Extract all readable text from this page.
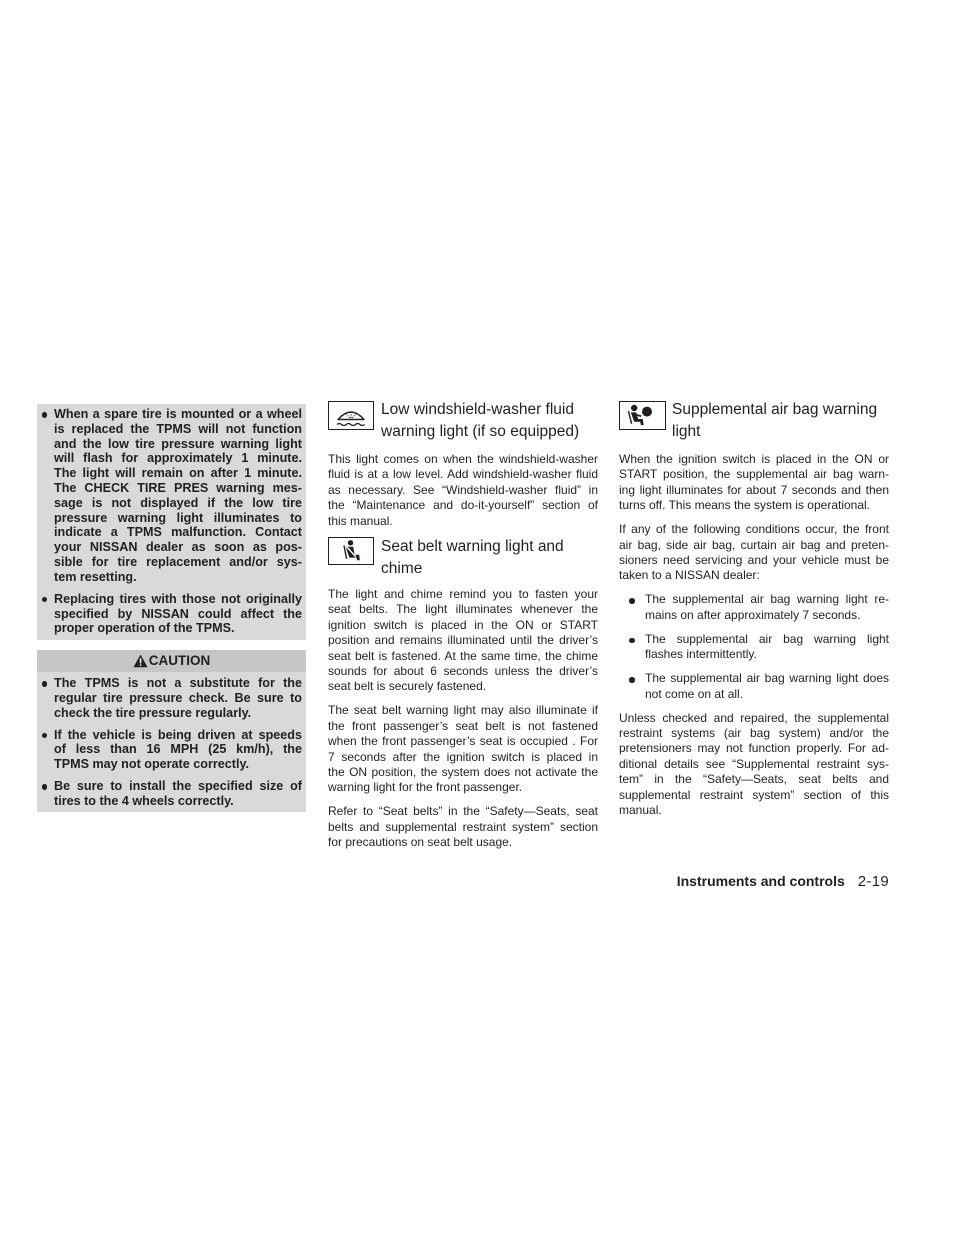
When a spare tire is mounted or a wheel
is replaced the TPMS will not function
and the low tire pressure warning light
will flash for approximately 1 minute.
The light will remain on after 1 minute.
The CHECK TIRE PRES warning mes-
sage is not displayed if the low tire
pressure warning light illuminates to
indicate a TPMS malfunction. Contact
your NISSAN dealer as soon as pos-
sible for tire replacement and/or sys-
tem resetting.
Replacing tires with those not originally
specified by NISSAN could affect the
proper operation of the TPMS.
CAUTION
The TPMS is not a substitute for the
regular tire pressure check. Be sure to
check the tire pressure regularly.
If the vehicle is being driven at speeds
of less than 16 MPH (25 km/h), the
TPMS may not operate correctly.
Be sure to install the specified size of
tires to the 4 wheels correctly.
Low windshield-washer fluid
warning light (if so equipped)
This light comes on when the windshield-washer
fluid is at a low level. Add windshield-washer fluid
as necessary. See “Windshield-washer fluid” in
the “Maintenance and do-it-yourself” section of
this manual.
Seat belt warning light and
chime
The light and chime remind you to fasten your
seat belts. The light illuminates whenever the
ignition switch is placed in the ON or START
position and remains illuminated until the driver’s
seat belt is fastened. At the same time, the chime
sounds for about 6 seconds unless the driver’s
seat belt is securely fastened.
The seat belt warning light may also illuminate if
the front passenger’s seat belt is not fastened
when the front passenger’s seat is occupied . For
7 seconds after the ignition switch is placed in
the ON position, the system does not activate the
warning light for the front passenger.
Refer to “Seat belts” in the “Safety—Seats, seat
belts and supplemental restraint system” section
for precautions on seat belt usage.
Supplemental air bag warning
light
When the ignition switch is placed in the ON or
START position, the supplemental air bag warn-
ing light illuminates for about 7 seconds and then
turns off. This means the system is operational.
If any of the following conditions occur, the front
air bag, side air bag, curtain air bag and preten-
sioners need servicing and your vehicle must be
taken to a NISSAN dealer:
The supplemental air bag warning light re-
mains on after approximately 7 seconds.
The supplemental air bag warning light
flashes intermittently.
The supplemental air bag warning light does
not come on at all.
Unless checked and repaired, the supplemental
restraint systems (air bag system) and/or the
pretensioners may not function properly. For ad-
ditional details see “Supplemental restraint sys-
tem” in the “Safety—Seats, seat belts and
supplemental restraint system” section of this
manual.
Instruments and controls 2-19
